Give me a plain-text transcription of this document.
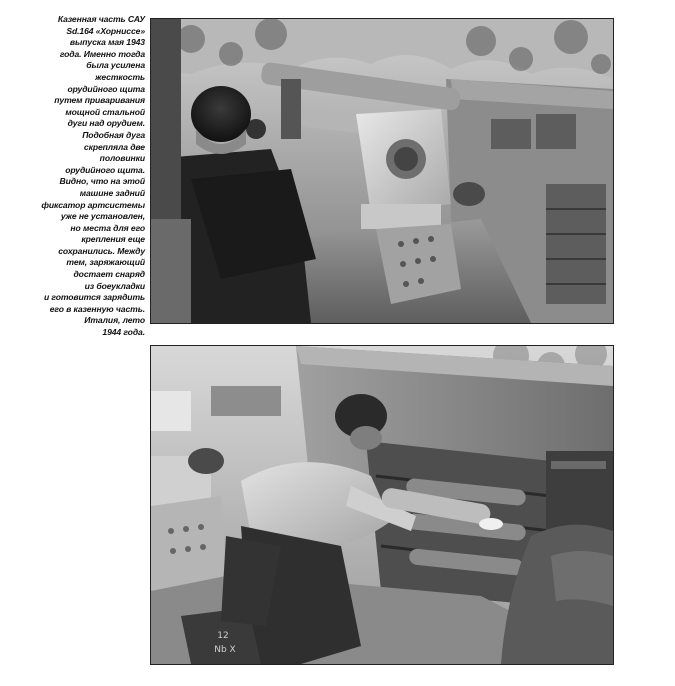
Казенная часть САУ
Sd.164 «Хорниссе»
выпуска мая 1943
года. Именно тогда
была усилена
жесткость
орудийного щита
путем приваривания
мощной стальной
дуги над орудием.
Подобная дуга
скрепляла две
половинки
орудийного щита.
Видно, что на этой
машине задний
фиксатор артсистемы
уже не установлен,
но места для его
крепления еще
сохранились. Между
тем, заряжающий
достает снаряд
из боеукладки
и готовится зарядить
его в казенную часть.
Италия, лето
1944 года.
12
Nb X
